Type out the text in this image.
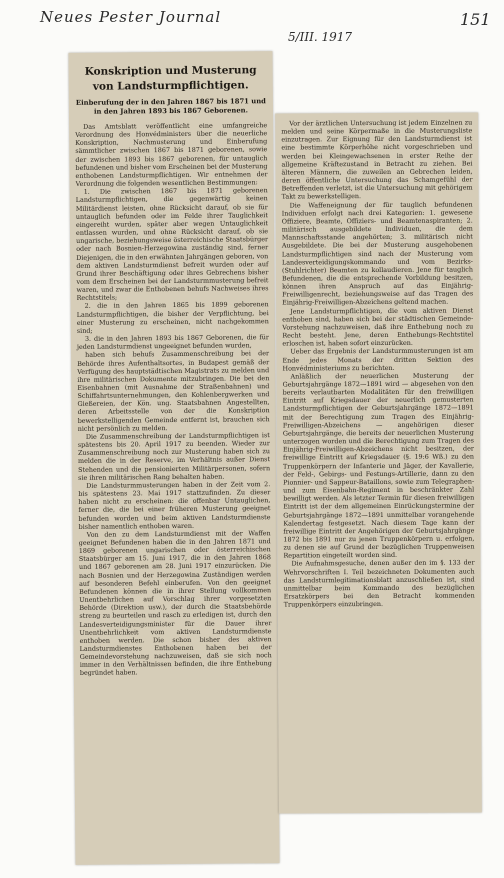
Neues Pester Journal
5/III. 1917
151
Konskription und Musterung von Landsturmpflichtigen.
Einberufung der in den Jahren 1867 bis 1871 und in den Jahren 1893 bis 1867 Geborenen.

Das Amtsblatt veröffentlicht eine umfangreiche Verordnung des Honvédministers über die neuerliche Konskription, Nachmusterung und Einberufung sämmtlicher zwischen 1867 bis 1871 geborenen, sowie der zwischen 1893 bis 1867 geborenen, für untauglich befundenen und bisher vom Erscheinen bei der Musterung enthobenen Landsturmpflichtigen. Wir entnehmen der Verordnung die folgenden wesentlichen Bestimmungen:

1. Die zwischen 1867 bis 1871 geborenen Landsturmpflichtigen, die gegenwärtig keinen Militärdienst leisten, ohne Rücksicht darauf, ob sie für untauglich befunden oder im Felde ihrer Tauglichkeit eingereiht wurden, später aber wegen Untauglichkeit entlassen wurden, und ohne Rücksicht darauf, ob sie ungarische, beziehungsweise österreichische Staatsbürger oder nach Bosnien-Herzegowina zuständig sind, ferner Diejenigen, die in den erwähnten Jahrgängen geboren, von dem aktiven Landsturmdienst befreit wurden oder auf Grund ihrer Beschäftigung oder ihres Gebrechens bisher vom dem Erscheinen bei der Landsturmmusterung befreit waren, und zwar die Enthobenen behufs Nachweises ihres Rechtstitels;

2. die in den Jahren 1865 bis 1899 geborenen Landsturmpflichtigen, die bisher der Verpflichtung, bei einer Musterung zu erscheinen, nicht nachgekommen sind;

3. die in den Jahren 1893 bis 1867 Geborenen, die für jeden Landsturmdienst ungeeignet befunden wurden,

haben sich behufs Zusammenschreibung bei der Behörde ihres Aufenthaltsortes, in Budapest gemäß der Verfügung des hauptstädtischen Magistrats zu melden und ihre militärischen Dokumente mitzubringen. Die bei den Eisenbahnen (mit Ausnahme der Straßenbahnen) und Schiffahrtsunternehmungen, den Kohlenbergwerken und Gießereien, der Kön. ung. Staatsbahnen Angestellten, deren Arbeitsstelle von der die Konskription bewerkstelligenden Gemeinde entfernt ist, brauchen sich nicht persönlich zu melden.

Die Zusammenschreibung der Landsturmpflichtigen ist spätestens bis 20. April 1917 zu beenden. Wieder zur Zusammenschreibung noch zur Musterung haben sich zu melden die in der Reserve, im Verhältnis außer Dienst Stehenden und die pensionierten Militärpersonen, sofern sie ihren militärischen Rang behalten haben.

Die Landsturmmusterungen haben in der Zeit vom 2. bis spätestens 23. Mai 1917 stattzufinden. Zu dieser haben nicht zu erscheinen: die offenbar Untauglichen, ferner die, die bei einer früheren Musterung geeignet befunden worden und beim aktiven Landsturmdienste bisher namentlich enthoben waren.

Von den zu dem Landsturmdienst mit der Waffen geeignet Befundenen haben die in den Jahren 1871 und 1869 geborenen ungarischen oder österreichischen Staatsbürger am 15. Juni 1917, die in den Jahren 1868 und 1867 geborenen am 28. Juni 1917 einzurücken. Die nach Bosnien und der Herzegowina Zuständigen werden auf besonderen Befehl einberufen. Von den geeignet Befundenen können die in ihrer Stellung vollkommen Unentbehrlichen auf Vorschlag ihrer vorgesetzten Behörde (Direktion usw.), der durch die Staatsbehörde streng zu beurteilen und rasch zu erledigen ist, durch den Landesverteidigungsminister für die Dauer ihrer Unentbehrlichkeit vom aktiven Landsturmdienste enthoben werden. Die schon bisher des aktiven Landsturmdienstes Enthobenen haben bei der Gemeindevorstehung nachzuweisen, daß sie sich noch immer in den Verhältnissen befinden, die ihre Enthebung begründet haben.

Vor der ärztlichen Untersuchung ist jedem Einzelnen zu melden und seine Körpermaße in die Musterungsliste einzutragen. Zur Eignung für den Landsturmdienst ist eine bestimmte Körperhöhe nicht vorgeschrieben und werden bei Kleingewachsenen in erster Reihe der allgemeine Kräftezustand in Betracht zu ziehen. Bei älteren Männern, die zuweilen an Gebrechen leiden, deren öffentliche Untersuchung das Schamgefühl der Betreffenden verletzt, ist die Untersuchung mit gehörigem Takt zu bewerkstelligen.

Die Waffeneignung der für tauglich befundenen Individuen erfolgt nach drei Kategorien: 1. gewesene Offiziere, Beamte, Offiziers- und Beamtenaspiranten; 2. militärisch ausgebildete Individuen, die dem Mannschaftsstande angehörten; 3. militärisch nicht Ausgebildete. Die bei der Musterung ausgehobenen Landsturmpflichtigen sind nach der Musterung vom Landesverteidigungskommando und vom Bezirks- (Stuhlrichter) Beamten zu kollaudieren. Jene für tauglich Befundenen, die die entsprechende Vorbildung besitzen, können ihren Anspruch auf das Einjährig-Freiwilligenrecht, beziehungsweise auf das Tragen des Einjährig-Freiwilligen-Abzeichens geltend machen.

Jene Landsturmpflichtigen, die vom aktiven Dienst enthoben sind, haben sich bei der städtischen Gemeinde-Vorstehung nachzuweisen, daß ihre Enthebung noch zu Recht besteht. Jene, deren Enthebungs-Rechtstitel erloschen ist, haben sofort einzurücken.

Ueber das Ergebnis der Landsturmmusterungen ist am Ende jedes Monats der dritten Sektion des Honvédministeriums zu berichten.

Anläßlich der neuerlichen Musterung der Geburtsjahrgänge 1872—1891 wird — abgesehen von den bereits verlautbarten Modalitäten für den freiwilligen Eintritt auf Kriegsdauer der neuerlich gemusterten Landsturmpflichtigen der Geburtsjahrgänge 1872—1891 mit der Berechtigung zum Tragen des Einjährig-Freiwilligen-Abzeichens — angehörigen dieser Geburtsjahrgänge, die bereits der neuerlichen Musterung unterzogen worden und die Berechtigung zum Tragen des Einjährig-Freiwilligen-Abzeichens nicht besitzen, der freiwillige Eintritt auf Kriegsdauer (§. 19:6 Wß.) zu den Truppenkörpern der Infanterie und Jäger, der Kavallerie, der Feld-, Gebirgs- und Festungs-Artillerie, dann zu den Pionnier- und Sappeur-Bataillons, sowie zum Telegraphen- und zum Eisenbahn-Regiment in beschränkter Zahl bewilligt werden. Als letzter Termin für diesen freiwilligen Eintritt ist der dem allgemeinen Einrückungstermine der Geburtsjahrgänge 1872—1891 unmittelbar vorangehende Kalendertag festgesetzt. Nach diesem Tage kann der freiwillige Eintritt der Angehörigen der Geburtsjahrgänge 1872 bis 1891 nur zu jenen Truppenkörpern u. erfolgen, zu denen sie auf Grund der bezüglichen Truppenweisen Repartition eingeteilt worden sind.

Die Aufnahmsgesuche, denen außer den im §. 133 der Wehrvorschriften I. Teil bezeichneten Dokumenten auch das Landsturmlegitimationsblatt anzuschließen ist, sind unmittelbar beim Kommando des bezüglichen Ersatzkörpers bei den Betracht kommenden Truppenkörpers einzubringen.
